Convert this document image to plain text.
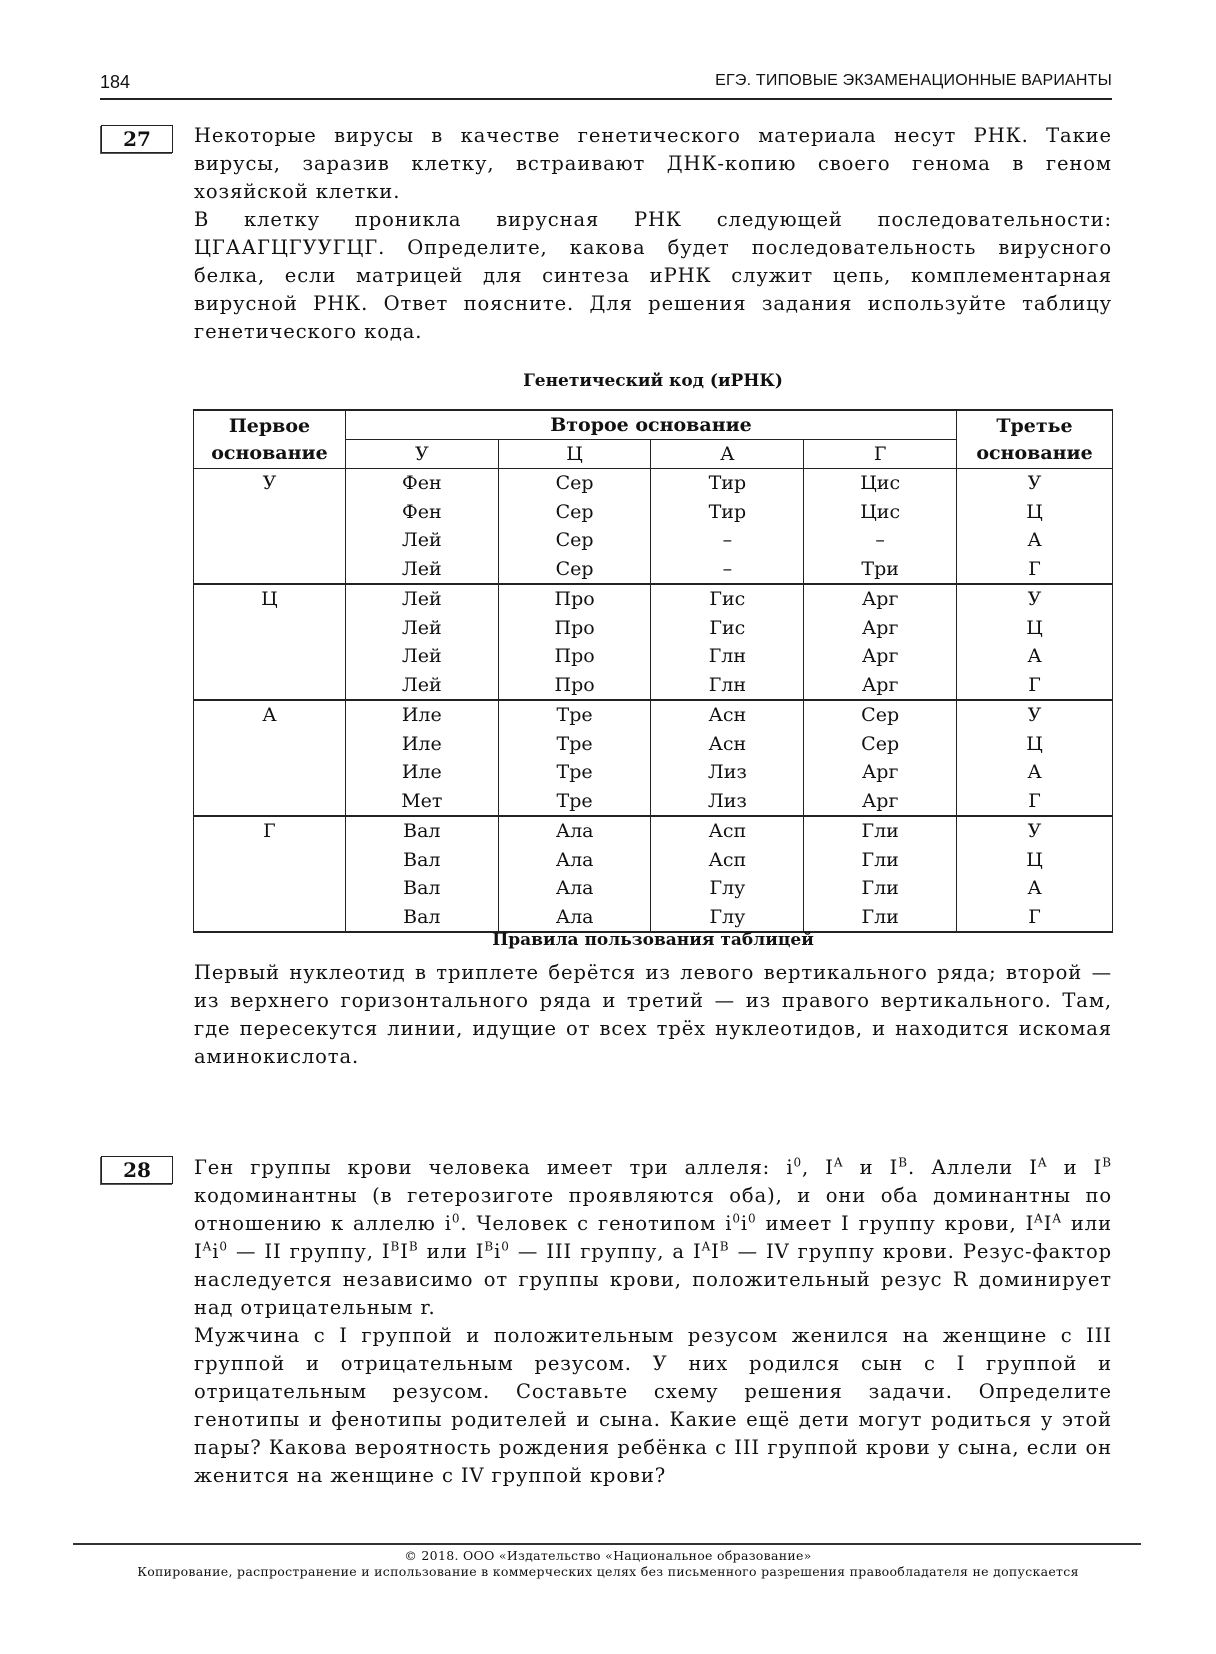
184	ЕГЭ. ТИПОВЫЕ ЭКЗАМЕНАЦИОННЫЕ ВАРИАНТЫ
27	Некоторые вирусы в качестве генетического материала несут РНК. Такие вирусы, заразив клетку, встраивают ДНК-копию своего генома в геном хозяйской клетки.

В клетку проникла вирусная РНК следующей последовательности: ЦГААГЦГУУГЦГ. Определите, какова будет последовательность вирусного белка, если матрицей для синтеза иРНК служит цепь, комплементарная вирусной РНК. Ответ поясните. Для решения задания используйте таблицу генетического кода.

Генетический код (иРНК)
Первое
основание
	Второе основание	Третье
основание

	У	Ц	А	Г	
У	Фен	Сер	Тир	Цис	У
	Фен	Сер	Тир	Цис	Ц
	Лей	Сер	–	–	А
	Лей	Сер	–	Три	Г
Ц	Лей	Про	Гис	Арг	У
	Лей	Про	Гис	Арг	Ц
	Лей	Про	Глн	Арг	А
	Лей	Про	Глн	Арг	Г
А	Иле	Тре	Асн	Сер	У
	Иле	Тре	Асн	Сер	Ц
	Иле	Тре	Лиз	Арг	А
	Мет	Тре	Лиз	Арг	Г
Г	Вал	Ала	Асп	Гли	У
	Вал	Ала	Асп	Гли	Ц
	Вал	Ала	Глу	Гли	А
	Вал	Ала	Глу	Гли	Г
Правила пользования таблицей
Первый нуклеотид в триплете берётся из левого вертикального ряда; второй — из верхнего горизонтального ряда и третий — из правого вертикального. Там, где пересекутся линии, идущие от всех трёх нуклеотидов, и находится искомая аминокислота.
28	Ген группы крови человека имеет три аллеля: $i^0$, $I^A$ и $I^B$. Аллели $I^A$ и $I^B$ кодоминантны (в гетерозиготе проявляются оба), и они оба доминантны по отношению к аллелю $i^0$. Человек с генотипом $i^0i^0$ имеет I группу крови, $I^AI^A$ или $I^Ai^0$ — II группу, $I^BI^B$ или $I^Bi^0$ — III группу, а $I^AI^B$ — IV группу крови. Резус-фактор наследуется независимо от группы крови, положительный резус R доминирует над отрицательным r.

Мужчина с I группой и положительным резусом женился на женщине с III группой и отрицательным резусом. У них родился сын с I группой и отрицательным резусом. Составьте схему решения задачи. Определите генотипы и фенотипы родителей и сына. Какие ещё дети могут родиться у этой пары? Какова вероятность рождения ребёнка с III группой крови у сына, если он женится на женщине с IV группой крови?

© 2018. ООО «Издательство «Национальное образование»
Копирование, распространение и использование в коммерческих целях без письменного разрешения правообладателя не допускается
